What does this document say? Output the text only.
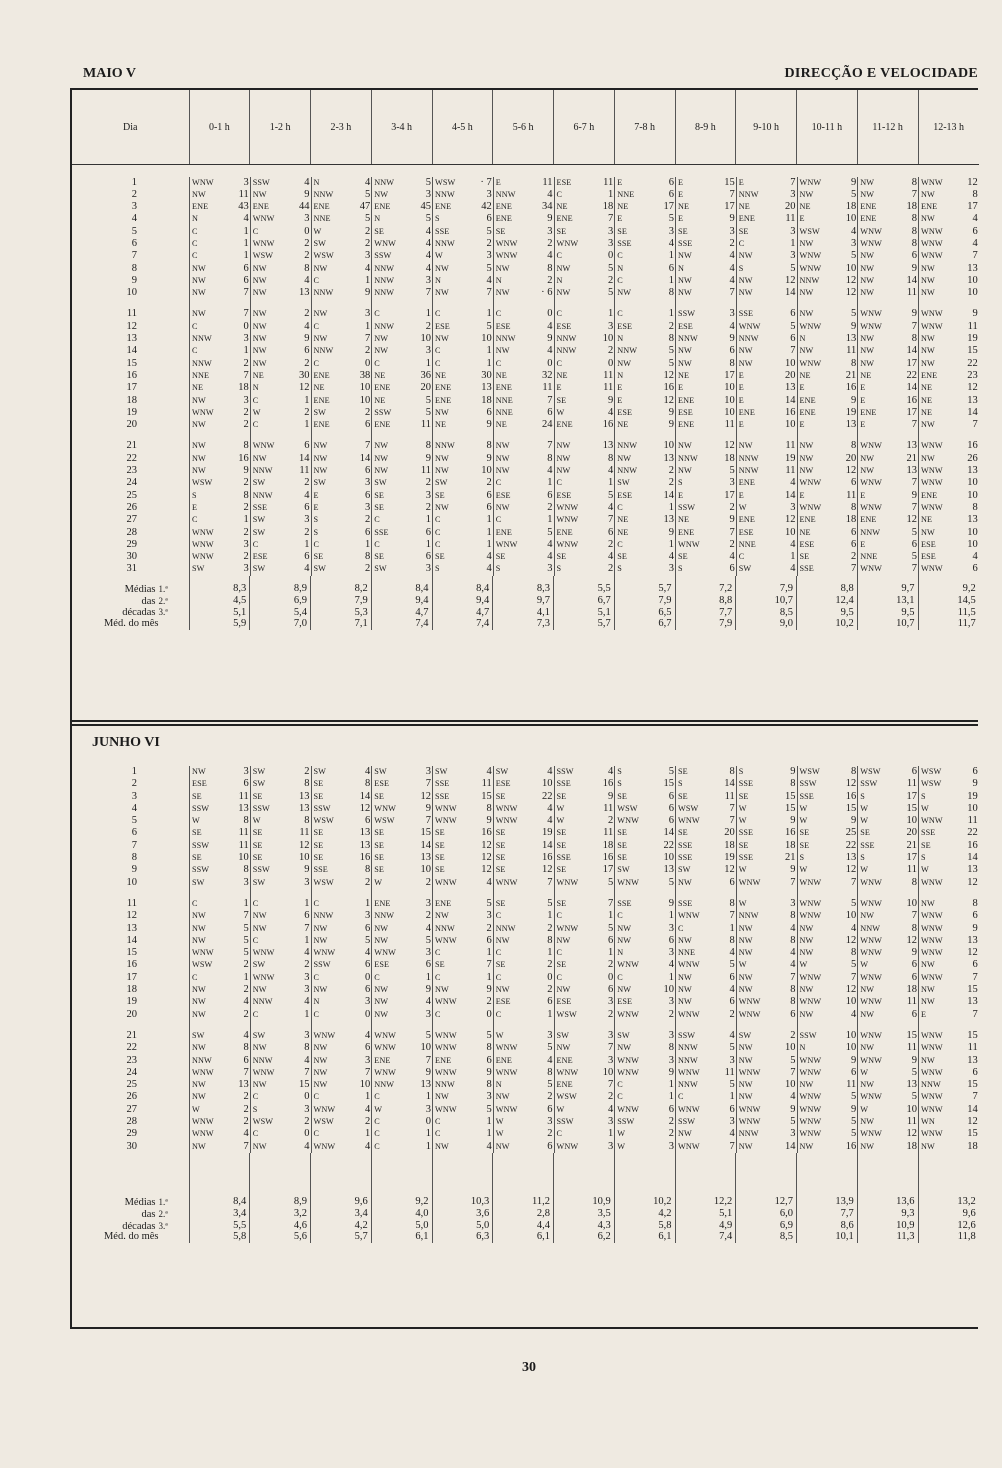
MAIO V	DIRECÇÃO E VELOCIDADE
Dia	0-1 h	1-2 h	2-3 h	3-4 h	4-5 h	5-6 h	6-7 h	7-8 h	8-9 h	9-10 h	10-11 h	11-12 h	12-13 h

1	WNW 3	SSW 4	N 4	NNW 5	WSW · 7	E 11	ESE 11	E 6	E 15	E 7	WNW 9	NW 8	WNW 12

2	NW 11	NW 9	NNW 5	NW 3	NNW 3	NNW 4	C 1	NNE 6	E 7	NNW 3	NW 5	NW 7	NW 8

3	ENE 43	ENE 44	ENE 47	ENE 45	ENE 42	ENE 34	NE 18	NE 17	NE 17	NE 20	NE 18	ENE 18	ENE 17

4	N 4	WNW 3	NNE 5	N 5	S 6	ENE 9	ENE 7	E 5	E 9	ENE 11	E 10	ENE 8	NW 4

5	C 1	C 0	W 2	SE 4	SSE 5	SE 3	SE 3	SE 3	SE 3	SE 3	WSW 4	WNW 8	WNW 6

6	C 1	WNW 2	SW 2	WNW 4	NNW 2	WNW 2	WNW 3	SSE 4	SSE 2	C 1	NW 3	WNW 8	WNW 4

7	C 1	WSW 2	WSW 3	SSW 4	W 3	WNW 4	C 0	C 1	NW 4	NW 3	WNW 5	NW 6	WNW 7

8	NW 6	NW 8	NW 4	NNW 4	NW 5	NW 8	NW 5	N 6	N 4	S 5	WNW 10	NW 9	NW 13

9	NW 6	NW 4	C 1	NNW 3	N 4	N 2	N 2	C 1	NW 4	NW 12	NNW 12	NW 14	NW 10

10	NW 7	NW 13	NNW 9	NNW 7	NW 7	NW · 6	NW 5	NW 8	NW 7	NW 14	NW 12	NW 11	NW 10

11	NW 7	NW 2	NW 3	C 1	C 1	C 0	C 1	C 1	SSW 3	SSE 6	NW 5	WNW 9	WNW 9

12	C 0	NW 4	C 1	NNW 2	ESE 5	ESE 4	ESE 3	ESE 2	ESE 4	WNW 5	WNW 9	WNW 7	WNW 11

13	NNW 3	NW 9	NW 7	NW 10	NW 10	NNW 9	NNW 10	N 8	NNW 9	NNW 6	N 13	NW 8	NW 19

14	C 1	NW 6	NNW 2	NW 3	C 1	NW 4	NNW 2	NNW 5	NW 6	NW 7	NW 11	NW 14	NW 15

15	NNW 2	NW 2	C 0	C 1	C 1	C 0	C 0	NW 5	NW 8	NW 10	WNW 8	NW 17	NW 22

16	NNE 7	NE 30	ENE 38	NE 36	NE 30	NE 32	NE 11	N 12	NE 17	E 20	NE 21	NE 22	ENE 23

17	NE 18	N 12	NE 10	ENE 20	ENE 13	ENE 11	E 11	E 16	E 10	E 13	E 16	E 14	NE 12

18	NW 3	C 1	ENE 10	NE 5	ENE 18	NNE 7	SE 9	E 12	ENE 10	E 14	ENE 9	E 16	NE 13

19	WNW 2	W 2	SW 2	SSW 5	NW 6	NNE 6	W 4	ESE 9	ESE 10	ENE 16	ENE 19	ENE 17	NE 14

20	NW 2	C 1	ENE 6	ENE 11	NE 9	NE 24	ENE 16	NE 9	ENE 11	E 10	E 13	E 7	NW 7

21	NW 8	WNW 6	NW 7	NW 8	NNW 8	NW 7	NW 13	NNW 10	NW 12	NW 11	NW 8	WNW 13	WNW 16

22	NW 16	NW 14	NW 14	NW 9	NW 9	NW 8	NW 8	NW 13	NNW 18	NNW 19	NW 20	NW 21	NW 26

23	NW 9	NNW 11	NW 6	NW 11	NW 10	NW 4	NW 4	NNW 2	NW 5	NNW 11	NW 12	NW 13	WNW 13

24	WSW 2	SW 2	SW 3	SW 2	SW 2	C 1	C 1	SW 2	S 3	ENE 4	WNW 6	WNW 7	WNW 10

25	S 8	NNW 4	E 6	SE 3	SE 6	ESE 6	ESE 5	ESE 14	E 17	E 14	E 11	E 9	ENE 10

26	E 2	SSE 6	E 3	SE 2	NW 6	NW 2	WNW 4	C 1	SSW 2	W 3	WNW 8	WNW 7	WNW 8

27	C 1	SW 3	S 2	C 1	C 1	C 1	WNW 7	NE 13	NE 9	ENE 12	ENE 18	ENE 12	NE 13

28	WNW 2	SW 2	S 6	SSE 6	C 1	ENE 5	ENE 6	NE 9	ENE 7	ESE 10	NE 6	NNW 5	NW 10

29	WNW 3	C 1	C 1	C 1	C 1	WNW 4	WNW 2	C 1	WNW 2	NNE 4	ESE 6	E 6	ESE 10

30	WNW 2	ESE 6	SE 8	SE 6	SE 4	SE 4	SE 4	SE 4	SE 4	C 1	SE 2	NNE 5	ESE 4

31	SW 3	SW 4	SW 2	SW 3	S 4	S 3	S 2	S 3	S 6	SW 4	SSE 7	WNW 7	WNW 6

Médias 1.ª	8,3	8,9	8,2	8,4	8,4	8,3	5,5	5,7	7,2	7,9	8,8	9,7	9,2
das 2.ª	4,5	6,9	7,9	9,4	9,4	9,7	6,7	7,9	8,8	10,7	12,4	13,1	14,5
décadas 3.ª	5,1	5,4	5,3	4,7	4,7	4,1	5,1	6,5	7,7	8,5	9,5	9,5	11,5
Méd. do mês	5,9	7,0	7,1	7,4	7,4	7,3	5,7	6,7	7,9	9,0	10,2	10,7	11,7
JUNHO VI
1	NW 3	SW 2	SW 4	SW 3	SW 4	SW 4	SSW 4	S 5	SE 8	S 9	WSW 8	WSW 6	WSW 6

2	ESE 6	SW 8	SE 8	ESE 7	SSE 11	ESE 10	SSE 16	S 15	S 14	SSE 8	SSW 12	SSW 11	WSW 9

3	SE 11	SE 13	SE 14	SE 12	SSE 15	SE 22	SE 9	SE 6	SE 11	SE 15	SSE 16	S 17	S 19

4	SSW 13	SSW 13	SSW 12	WNW 9	WNW 8	WNW 4	W 11	WSW 6	WSW 7	W 15	W 15	W 15	W 10

5	W 8	W 8	WSW 6	WSW 7	WNW 9	WNW 4	W 2	WNW 6	WNW 7	W 9	W 9	W 10	WNW 11

6	SE 11	SE 11	SE 13	SE 15	SE 16	SE 19	SE 11	SE 14	SE 20	SSE 16	SE 25	SE 20	SSE 22

7	SSW 11	SE 12	SE 13	SE 14	SE 12	SE 14	SE 18	SE 22	SSE 18	SE 18	SE 22	SSE 21	SE 16

8	SE 10	SE 10	SE 16	SE 13	SE 12	SE 16	SSE 16	SE 10	SSE 19	SSE 21	S 13	S 17	S 14

9	SSW 8	SSW 9	SSE 8	SE 10	SE 12	SE 12	SE 17	SW 13	SW 12	W 9	W 12	W 11	W 13

10	SW 3	SW 3	WSW 2	W 2	WNW 4	WNW 7	WNW 5	WNW 5	NW 6	WNW 7	WNW 7	WNW 8	WNW 12

11	C 1	C 1	C 1	ENE 3	ENE 5	SE 5	SE 7	SSE 9	SSE 8	W 3	WNW 5	WNW 10	NW 8

12	NW 7	NW 6	NNW 3	NNW 2	NW 3	C 1	C 1	C 1	WNW 7	NNW 8	WNW 10	NW 7	WNW 6

13	NW 5	NW 7	NW 6	NW 4	NNW 2	NNW 2	WNW 5	NW 3	C 1	NW 4	NW 4	NNW 8	WNW 9

14	NW 5	C 1	NW 5	NW 5	WNW 6	NW 8	NW 6	NW 6	NW 8	NW 8	NW 12	WNW 12	WNW 13

15	WNW 5	WNW 4	WNW 4	WNW 3	C 1	C 1	C 1	N 3	NNE 4	NW 4	NW 8	WNW 9	WNW 12

16	WSW 2	SW 2	SSW 6	ESE 6	SE 7	SE 2	SE 2	WNW 4	WNW 5	W 4	W 5	W 6	NW 6

17	C 1	WNW 3	C 0	C 1	C 1	C 0	C 0	C 1	NW 6	NW 7	WNW 7	WNW 6	WNW 7

18	NW 2	NW 3	NW 6	NW 9	NW 9	NW 2	NW 6	NW 10	NW 4	NW 8	NW 12	NW 18	NW 15

19	NW 4	NNW 4	N 3	NW 4	WNW 2	ESE 6	ESE 3	ESE 3	NW 6	WNW 8	WNW 10	WNW 11	NW 13

20	NW 2	C 1	C 0	NW 3	C 0	C 1	WSW 2	WNW 2	WNW 2	WNW 6	NW 4	NW 6	E 7

21	SW 4	SW 3	WNW 4	WNW 5	WNW 5	W 3	SW 3	SW 3	SSW 4	SW 2	SSW 10	WNW 15	WNW 15

22	NW 8	NW 8	NW 6	WNW 10	WNW 8	WNW 5	NW 7	NW 8	NNW 5	NW 10	N 10	NW 11	WNW 11

23	NNW 6	NNW 4	NW 3	ENE 7	ENE 6	ENE 4	ENE 3	WNW 3	NNW 3	NW 5	WNW 9	WNW 9	NW 13

24	WNW 7	WNW 7	NW 7	WNW 9	WNW 9	WNW 8	WNW 10	WNW 9	WNW 11	WNW 7	WNW 6	W 5	WNW 6

25	NW 13	NW 15	NW 10	NNW 13	NNW 8	N 5	ENE 7	C 1	NNW 5	NW 10	NW 11	NW 13	NNW 15

26	NW 2	C 0	C 1	C 1	NW 3	NW 2	WSW 2	C 1	C 1	NW 4	WNW 5	WNW 5	WNW 7

27	W 2	S 3	WNW 4	W 3	WNW 5	WNW 6	W 4	WNW 6	WNW 6	WNW 9	WNW 9	W 10	WNW 14

28	WNW 2	WSW 2	WSW 2	C 0	C 1	W 3	SSW 3	SSW 2	SSW 3	WNW 5	WNW 5	NW 11	WN 12

29	WNW 4	C 0	C 1	C 1	C 1	W 2	C 1	W 2	NW 4	NNW 3	WNW 5	WNW 12	WNW 15

30	NW 7	NW 4	WNW 4	C 1	NW 4	NW 6	WNW 3	W 3	WNW 7	NW 14	NW 16	NW 18	NW 18

Médias 1.ª	8,4	8,9	9,6	9,2	10,3	11,2	10,9	10,2	12,2	12,7	13,9	13,6	13,2
das 2.ª	3,4	3,2	3,4	4,0	3,6	2,8	3,5	4,2	5,1	6,0	7,7	9,3	9,6
décadas 3.ª	5,5	4,6	4,2	5,0	5,0	4,4	4,3	5,8	4,9	6,9	8,6	10,9	12,6
Méd. do mês	5,8	5,6	5,7	6,1	6,3	6,1	6,2	6,1	7,4	8,5	10,1	11,3	11,8
30
